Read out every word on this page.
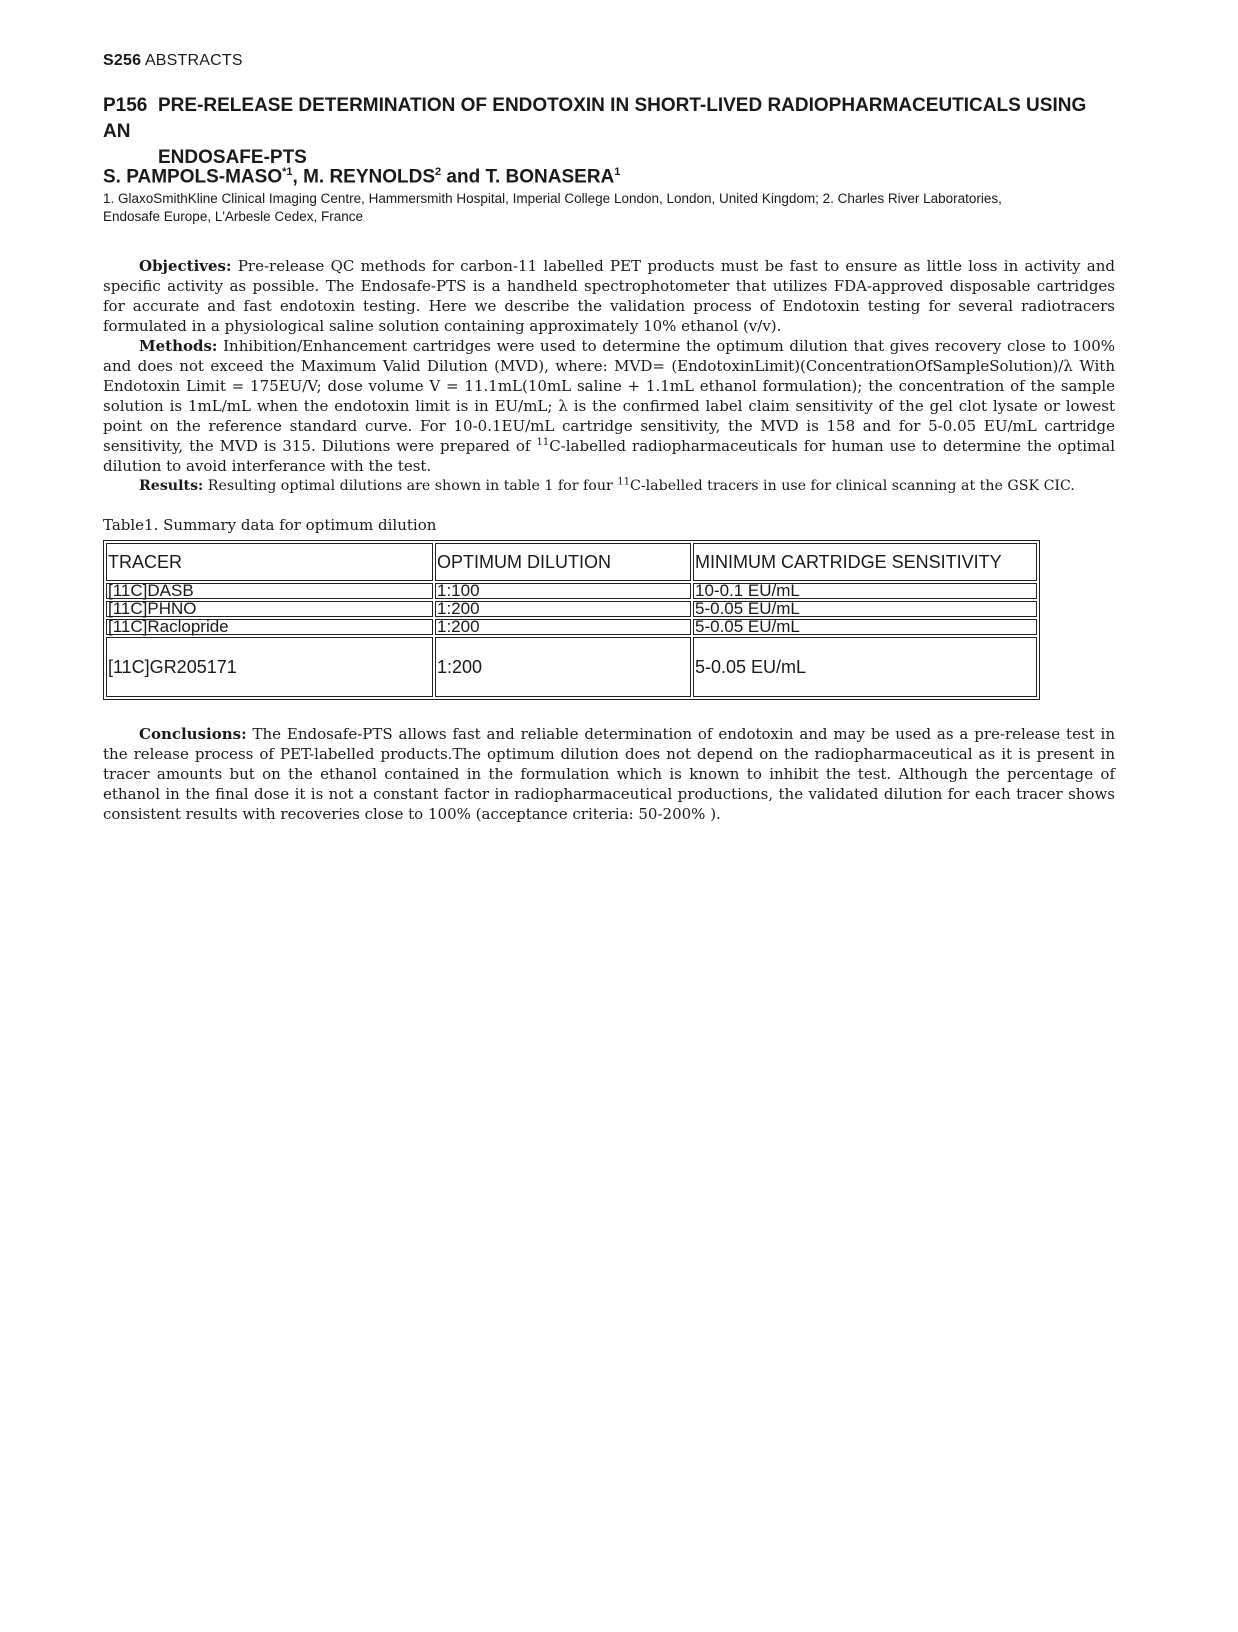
S256 ABSTRACTS
P156 PRE-RELEASE DETERMINATION OF ENDOTOXIN IN SHORT-LIVED RADIOPHARMACEUTICALS USING AN
ENDOSAFE-PTS
S. PAMPOLS-MASO$^{*1}$, M. REYNOLDS$^2$ and T. BONASERA$^1$
1. GlaxoSmithKline Clinical Imaging Centre, Hammersmith Hospital, Imperial College London, London, United Kingdom; 2. Charles River Laboratories,
Endosafe Europe, L'Arbesle Cedex, France

Objectives: Pre-release QC methods for carbon-11 labelled PET products must be fast to ensure as little loss in activity and specific activity as possible. The Endosafe-PTS is a handheld spectrophotometer that utilizes FDA-approved disposable cartridges for accurate and fast endotoxin testing. Here we describe the validation process of Endotoxin testing for several radiotracers formulated in a physiological saline solution containing approximately 10% ethanol (v/v).

Methods: Inhibition/Enhancement cartridges were used to determine the optimum dilution that gives recovery close to 100% and does not exceed the Maximum Valid Dilution (MVD), where: MVD= (EndotoxinLimit)(ConcentrationOfSampleSolution)/λ With Endotoxin Limit = 175EU/V; dose volume V = 11.1mL(10mL saline + 1.1mL ethanol formulation); the concentration of the sample solution is 1mL/mL when the endotoxin limit is in EU/mL; λ is the confirmed label claim sensitivity of the gel clot lysate or lowest point on the reference standard curve. For 10-0.1EU/mL cartridge sensitivity, the MVD is 158 and for 5-0.05 EU/mL cartridge sensitivity, the MVD is 315. Dilutions were prepared of $^{11}$C-labelled radiopharmaceuticals for human use to determine the optimal dilution to avoid interferance with the test.

Results: Resulting optimal dilutions are shown in table 1 for four $^{11}$C-labelled tracers in use for clinical scanning at the GSK CIC.

Table1. Summary data for optimum dilution
TRACER	OPTIMUM DILUTION	MINIMUM CARTRIDGE SENSITIVITY
[11C]DASB	1:100	10-0.1 EU/mL
[11C]PHNO	1:200	5-0.05 EU/mL
[11C]Raclopride	1:200	5-0.05 EU/mL
[11C]GR205171	1:200	5-0.05 EU/mL

Conclusions: The Endosafe-PTS allows fast and reliable determination of endotoxin and may be used as a pre-release test in the release process of PET-labelled products.The optimum dilution does not depend on the radiopharmaceutical as it is present in tracer amounts but on the ethanol contained in the formulation which is known to inhibit the test. Although the percentage of ethanol in the final dose it is not a constant factor in radiopharmaceutical productions, the validated dilution for each tracer shows consistent results with recoveries close to 100% (acceptance criteria: 50-200% ).
